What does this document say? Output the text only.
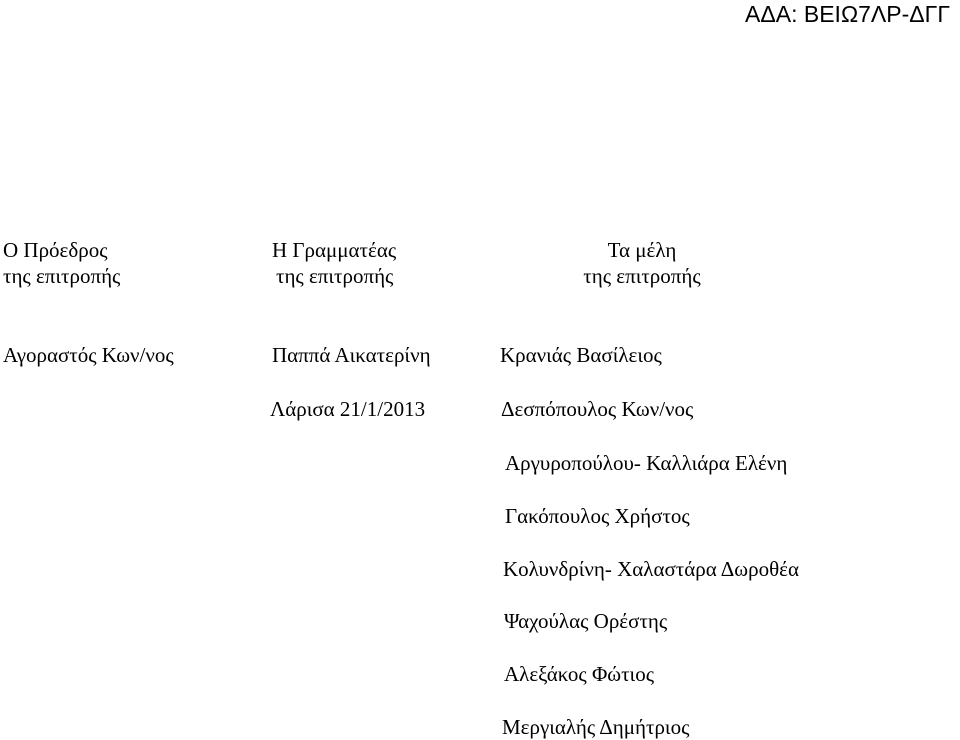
ΑΔΑ: ΒΕΙΩ7ΛΡ-ΔΓΓ
Ο Πρόεδρος
της επιτροπής
Αγοραστός Κων/νος
Η Γραμματέας
της επιτροπής
Παππά Αικατερίνη
Λάρισα 21/1/2013
Τα μέλη
της επιτροπής
Κρανιάς Βασίλειος
Δεσπόπουλος Κων/νος
Αργυροπούλου- Καλλιάρα Ελένη
Γακόπουλος Χρήστος
Κολυνδρίνη- Χαλαστάρα Δωροθέα
Ψαχούλας Ορέστης
Αλεξάκος Φώτιος
Μεργιαλής Δημήτριος
